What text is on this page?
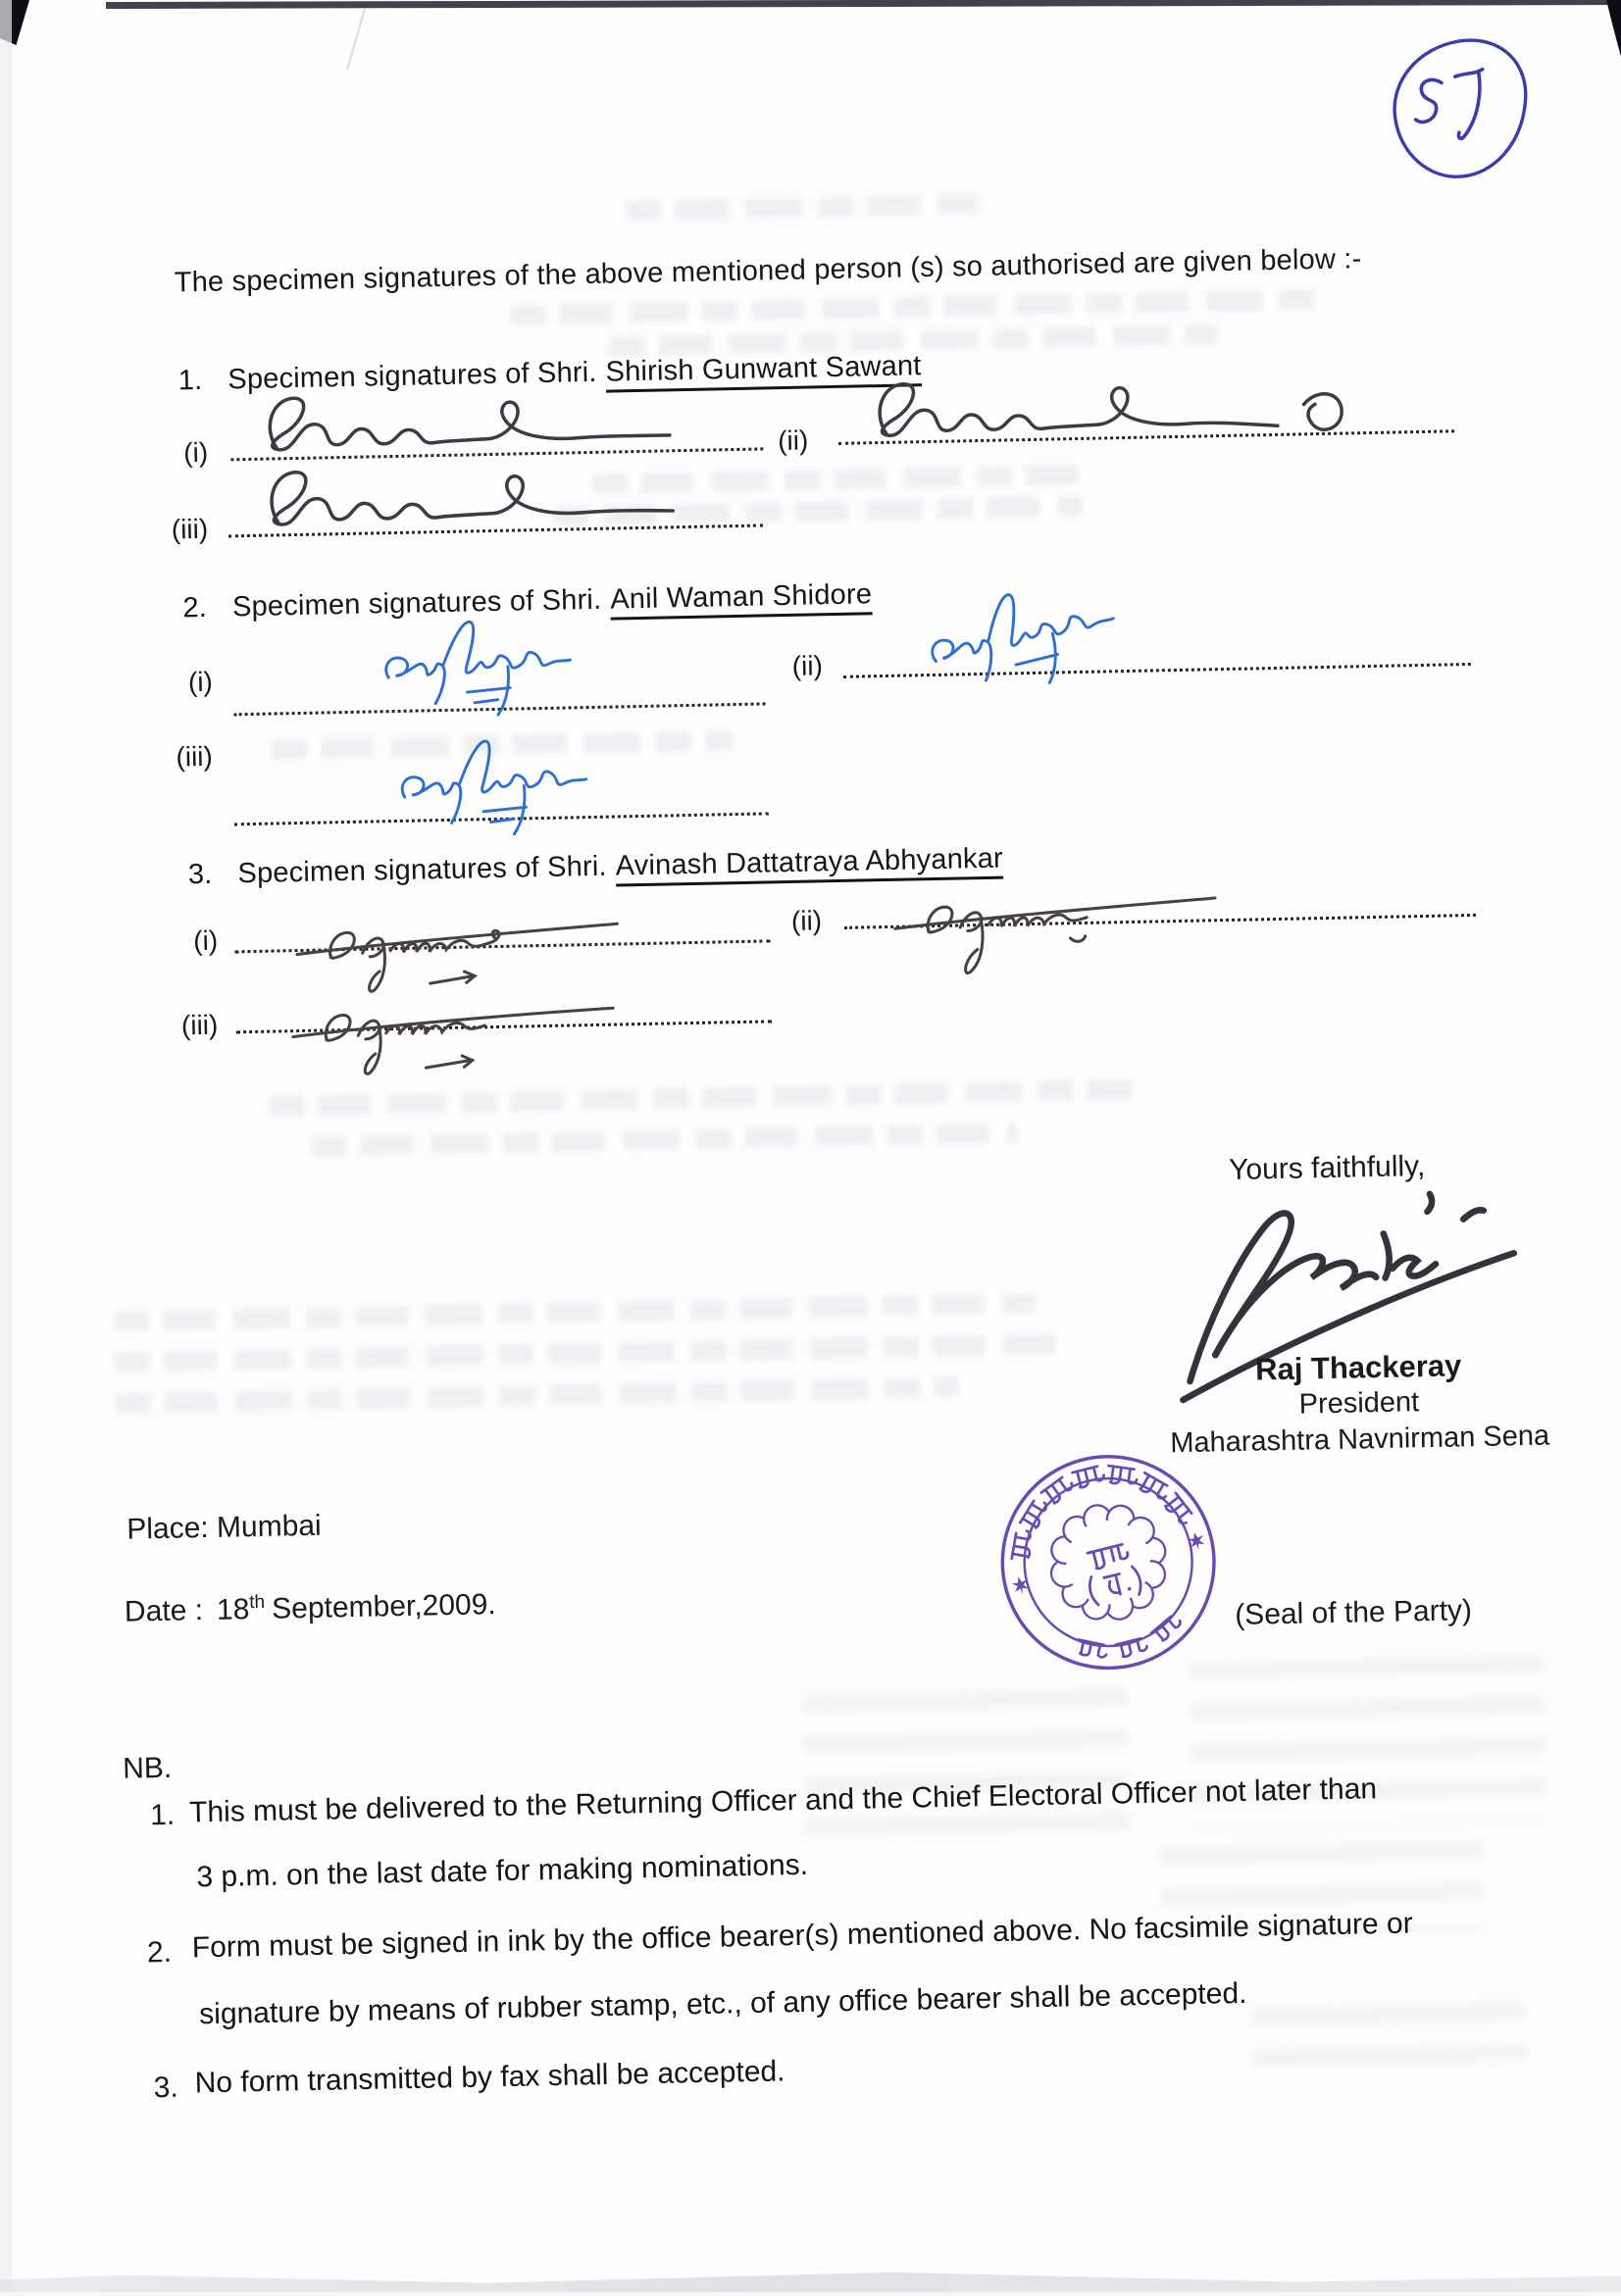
The specimen signatures of the above mentioned person (s) so authorised are given below :-
1. Specimen signatures of Shri. Shirish Gunwant Sawant
(i)	(ii)
(iii)
2. Specimen signatures of Shri. Anil Waman Shidore
(i)
(ii)
(iii)
3. Specimen signatures of Shri. Avinash Dattatraya Abhyankar
(i)
(ii)
(iii)
Yours faithfully,
Raj Thackeray
President
Maharashtra Navnirman Sena
Place: Mumbai
Date : 18th September,2009.	(Seal of the Party)
NB.
1. This must be delivered to the Returning Officer and the Chief Electoral Officer not later than
3 p.m. on the last date for making nominations.
2. Form must be signed in ink by the office bearer(s) mentioned above. No facsimile signature or
signature by means of rubber stamp, etc., of any office bearer shall be accepted.
3. No form transmitted by fax shall be accepted.
